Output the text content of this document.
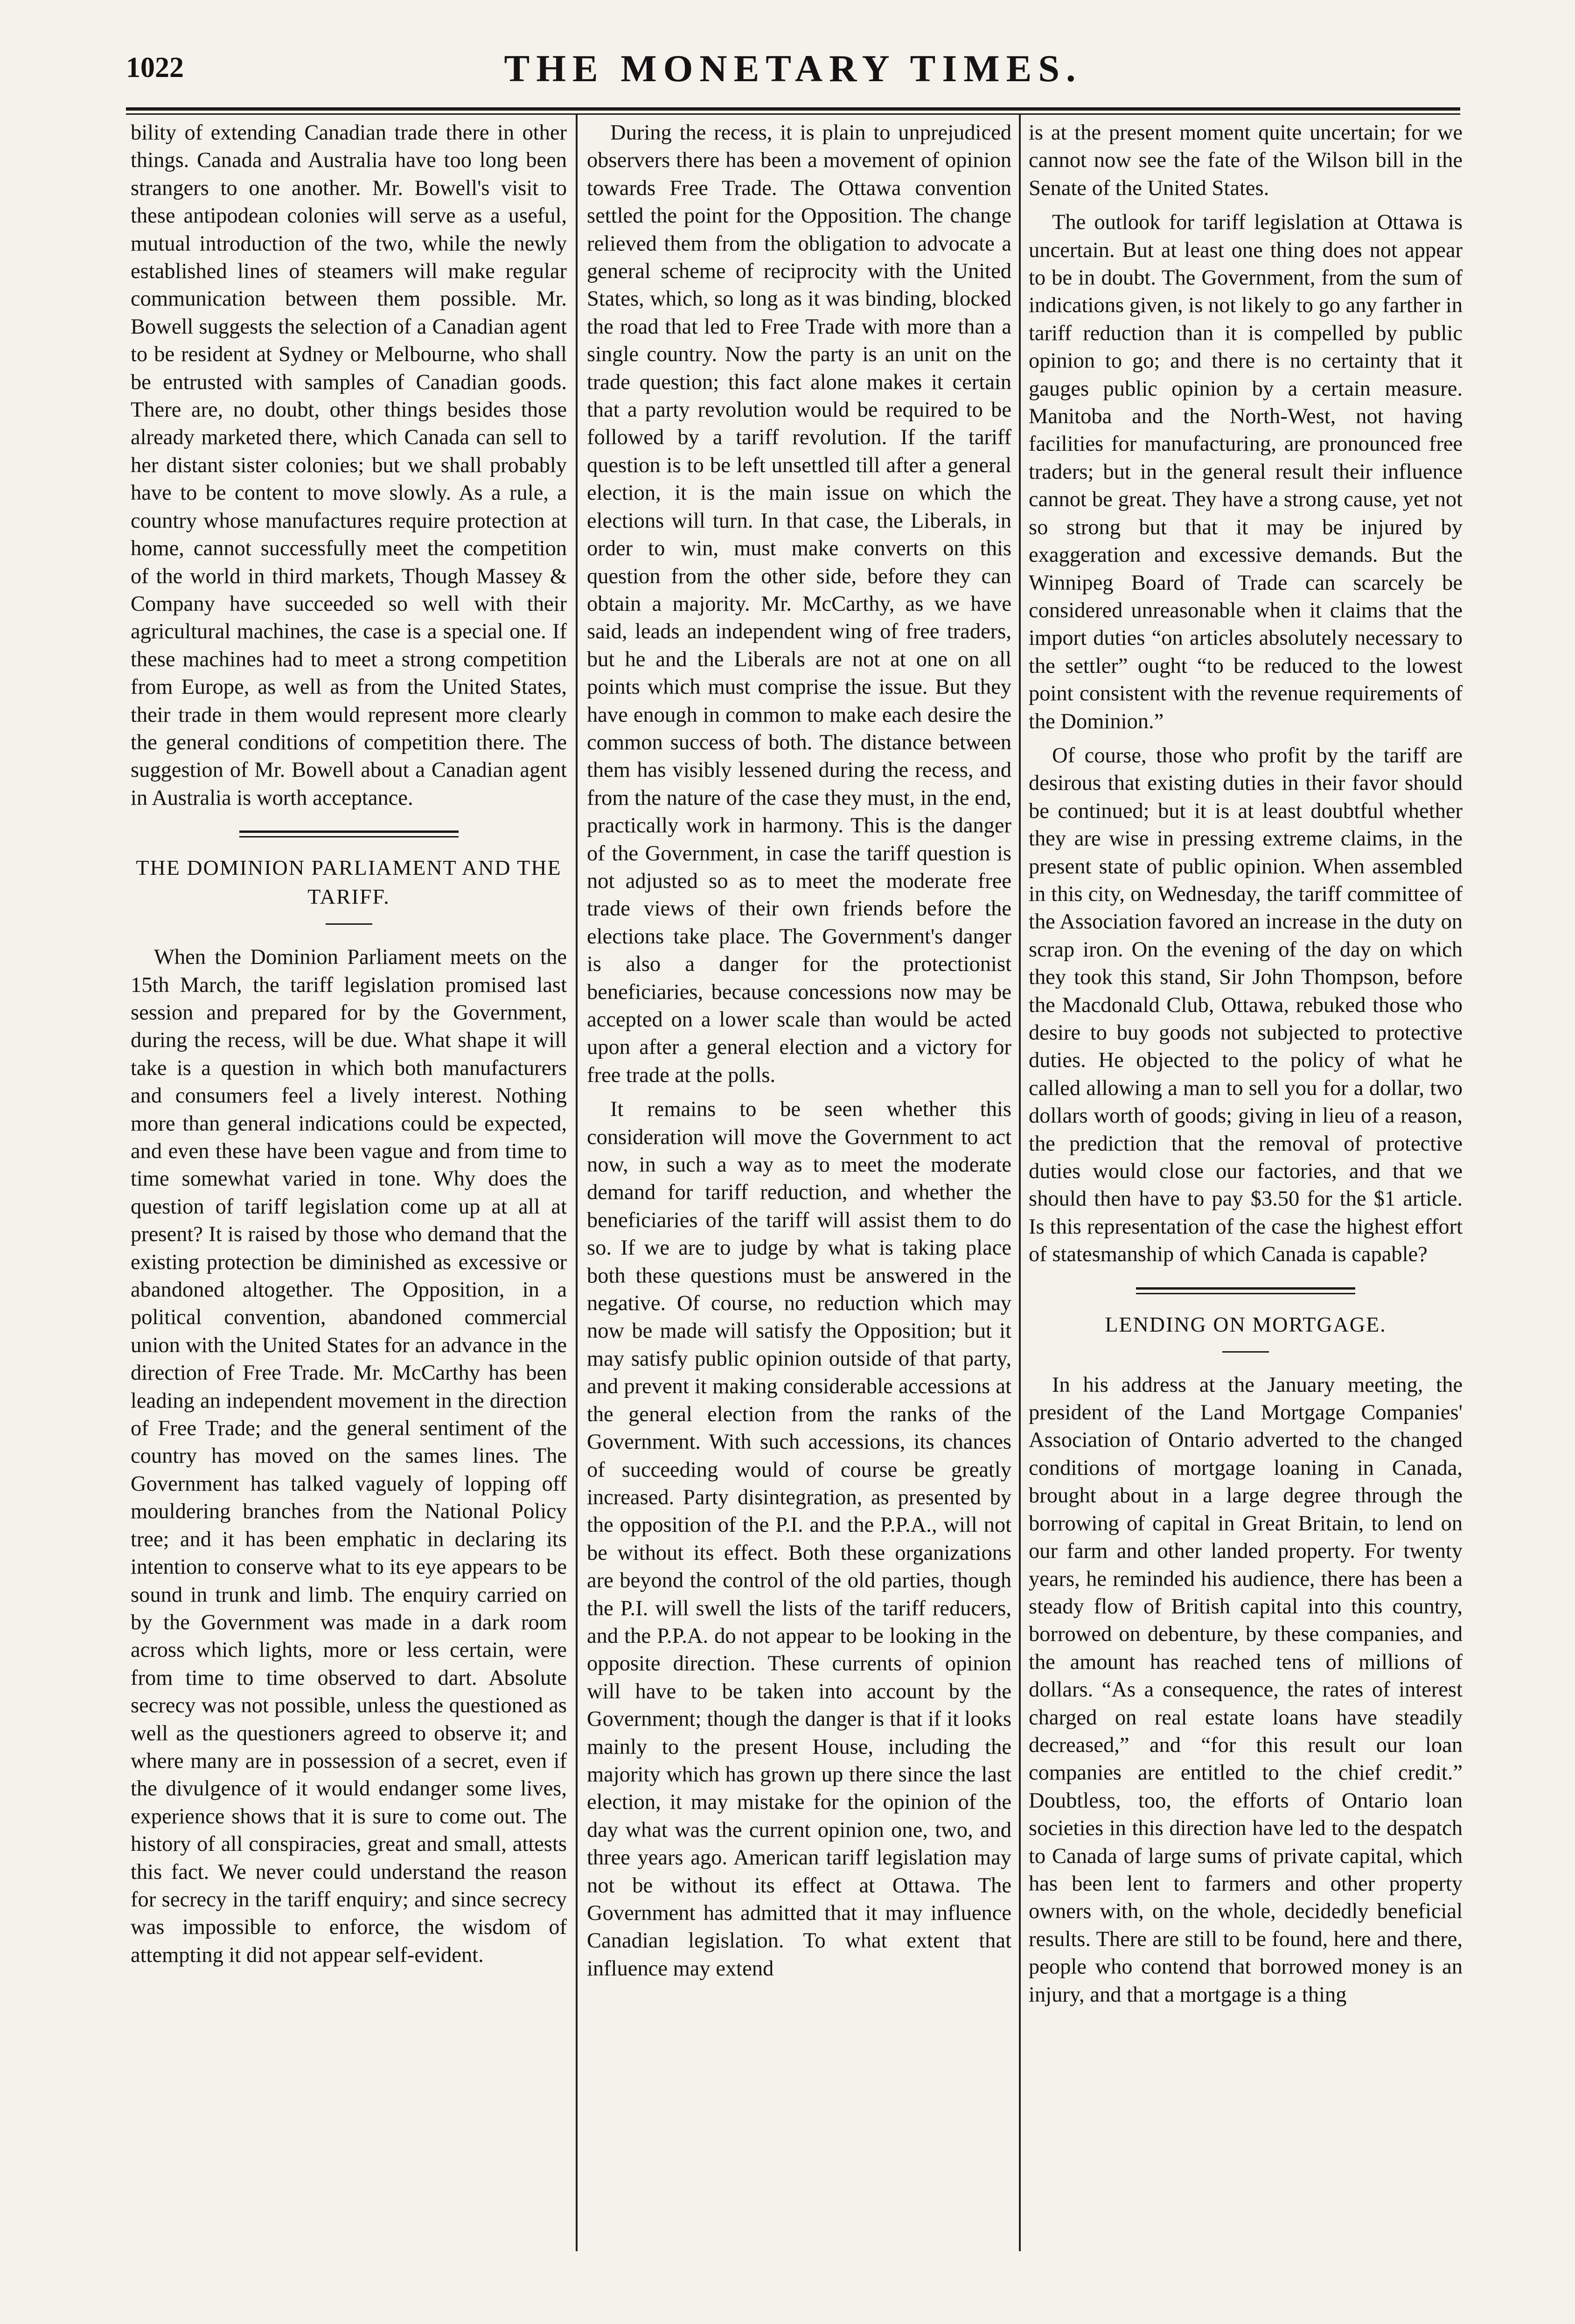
1022	THE MONETARY TIMES.

bility of extending Canadian trade there in other things. Canada and Australia have too long been strangers to one another. Mr. Bowell's visit to these antipodean colonies will serve as a useful, mutual introduction of the two, while the newly established lines of steamers will make regular communication between them possible. Mr. Bowell suggests the selection of a Canadian agent to be resident at Sydney or Melbourne, who shall be entrusted with samples of Canadian goods. There are, no doubt, other things besides those already marketed there, which Canada can sell to her distant sister colonies; but we shall probably have to be content to move slowly. As a rule, a country whose manufactures require protection at home, cannot successfully meet the competition of the world in third markets, Though Massey & Company have succeeded so well with their agricultural machines, the case is a special one. If these machines had to meet a strong competition from Europe, as well as from the United States, their trade in them would represent more clearly the general conditions of competition there. The suggestion of Mr. Bowell about a Canadian agent in Australia is worth acceptance.

THE DOMINION PARLIAMENT AND THE TARIFF.

When the Dominion Parliament meets on the 15th March, the tariff legislation promised last session and prepared for by the Government, during the recess, will be due. What shape it will take is a question in which both manufacturers and consumers feel a lively interest. Nothing more than general indications could be expected, and even these have been vague and from time to time somewhat varied in tone. Why does the question of tariff legislation come up at all at present? It is raised by those who demand that the existing protection be diminished as excessive or abandoned altogether. The Opposition, in a political convention, abandoned commercial union with the United States for an advance in the direction of Free Trade. Mr. McCarthy has been leading an independent movement in the direction of Free Trade; and the general sentiment of the country has moved on the sames lines. The Government has talked vaguely of lopping off mouldering branches from the National Policy tree; and it has been emphatic in declaring its intention to conserve what to its eye appears to be sound in trunk and limb. The enquiry carried on by the Government was made in a dark room across which lights, more or less certain, were from time to time observed to dart. Absolute secrecy was not possible, unless the questioned as well as the questioners agreed to observe it; and where many are in possession of a secret, even if the divulgence of it would endanger some lives, experience shows that it is sure to come out. The history of all conspiracies, great and small, attests this fact. We never could understand the reason for secrecy in the tariff enquiry; and since secrecy was impossible to enforce, the wisdom of attempting it did not appear self-evident.

During the recess, it is plain to unprejudiced observers there has been a movement of opinion towards Free Trade. The Ottawa convention settled the point for the Opposition. The change relieved them from the obligation to advocate a general scheme of reciprocity with the United States, which, so long as it was binding, blocked the road that led to Free Trade with more than a single country. Now the party is an unit on the trade question; this fact alone makes it certain that a party revolution would be required to be followed by a tariff revolution. If the tariff question is to be left unsettled till after a general election, it is the main issue on which the elections will turn. In that case, the Liberals, in order to win, must make converts on this question from the other side, before they can obtain a majority. Mr. McCarthy, as we have said, leads an independent wing of free traders, but he and the Liberals are not at one on all points which must comprise the issue. But they have enough in common to make each desire the common success of both. The distance between them has visibly lessened during the recess, and from the nature of the case they must, in the end, practically work in harmony. This is the danger of the Government, in case the tariff question is not adjusted so as to meet the moderate free trade views of their own friends before the elections take place. The Government's danger is also a danger for the protectionist beneficiaries, because concessions now may be accepted on a lower scale than would be acted upon after a general election and a victory for free trade at the polls.

It remains to be seen whether this consideration will move the Government to act now, in such a way as to meet the moderate demand for tariff reduction, and whether the beneficiaries of the tariff will assist them to do so. If we are to judge by what is taking place both these questions must be answered in the negative. Of course, no reduction which may now be made will satisfy the Opposition; but it may satisfy public opinion outside of that party, and prevent it making considerable accessions at the general election from the ranks of the Government. With such accessions, its chances of succeeding would of course be greatly increased. Party disintegration, as presented by the opposition of the P.I. and the P.P.A., will not be without its effect. Both these organizations are beyond the control of the old parties, though the P.I. will swell the lists of the tariff reducers, and the P.P.A. do not appear to be looking in the opposite direction. These currents of opinion will have to be taken into account by the Government; though the danger is that if it looks mainly to the present House, including the majority which has grown up there since the last election, it may mistake for the opinion of the day what was the current opinion one, two, and three years ago. American tariff legislation may not be without its effect at Ottawa. The Government has admitted that it may influence Canadian legislation. To what extent that influence may extend

is at the present moment quite uncertain; for we cannot now see the fate of the Wilson bill in the Senate of the United States.

The outlook for tariff legislation at Ottawa is uncertain. But at least one thing does not appear to be in doubt. The Government, from the sum of indications given, is not likely to go any farther in tariff reduction than it is compelled by public opinion to go; and there is no certainty that it gauges public opinion by a certain measure. Manitoba and the North-West, not having facilities for manufacturing, are pronounced free traders; but in the general result their influence cannot be great. They have a strong cause, yet not so strong but that it may be injured by exaggeration and excessive demands. But the Winnipeg Board of Trade can scarcely be considered unreasonable when it claims that the import duties “on articles absolutely necessary to the settler” ought “to be reduced to the lowest point consistent with the revenue requirements of the Dominion.”

Of course, those who profit by the tariff are desirous that existing duties in their favor should be continued; but it is at least doubtful whether they are wise in pressing extreme claims, in the present state of public opinion. When assembled in this city, on Wednesday, the tariff committee of the Association favored an increase in the duty on scrap iron. On the evening of the day on which they took this stand, Sir John Thompson, before the Macdonald Club, Ottawa, rebuked those who desire to buy goods not subjected to protective duties. He objected to the policy of what he called allowing a man to sell you for a dollar, two dollars worth of goods; giving in lieu of a reason, the prediction that the removal of protective duties would close our factories, and that we should then have to pay $3.50 for the $1 article. Is this representation of the case the highest effort of statesmanship of which Canada is capable?

LENDING ON MORTGAGE.

In his address at the January meeting, the president of the Land Mortgage Companies' Association of Ontario adverted to the changed conditions of mortgage loaning in Canada, brought about in a large degree through the borrowing of capital in Great Britain, to lend on our farm and other landed property. For twenty years, he reminded his audience, there has been a steady flow of British capital into this country, borrowed on debenture, by these companies, and the amount has reached tens of millions of dollars. “As a consequence, the rates of interest charged on real estate loans have steadily decreased,” and “for this result our loan companies are entitled to the chief credit.” Doubtless, too, the efforts of Ontario loan societies in this direction have led to the despatch to Canada of large sums of private capital, which has been lent to farmers and other property owners with, on the whole, decidedly beneficial results. There are still to be found, here and there, people who contend that borrowed money is an injury, and that a mortgage is a thing
